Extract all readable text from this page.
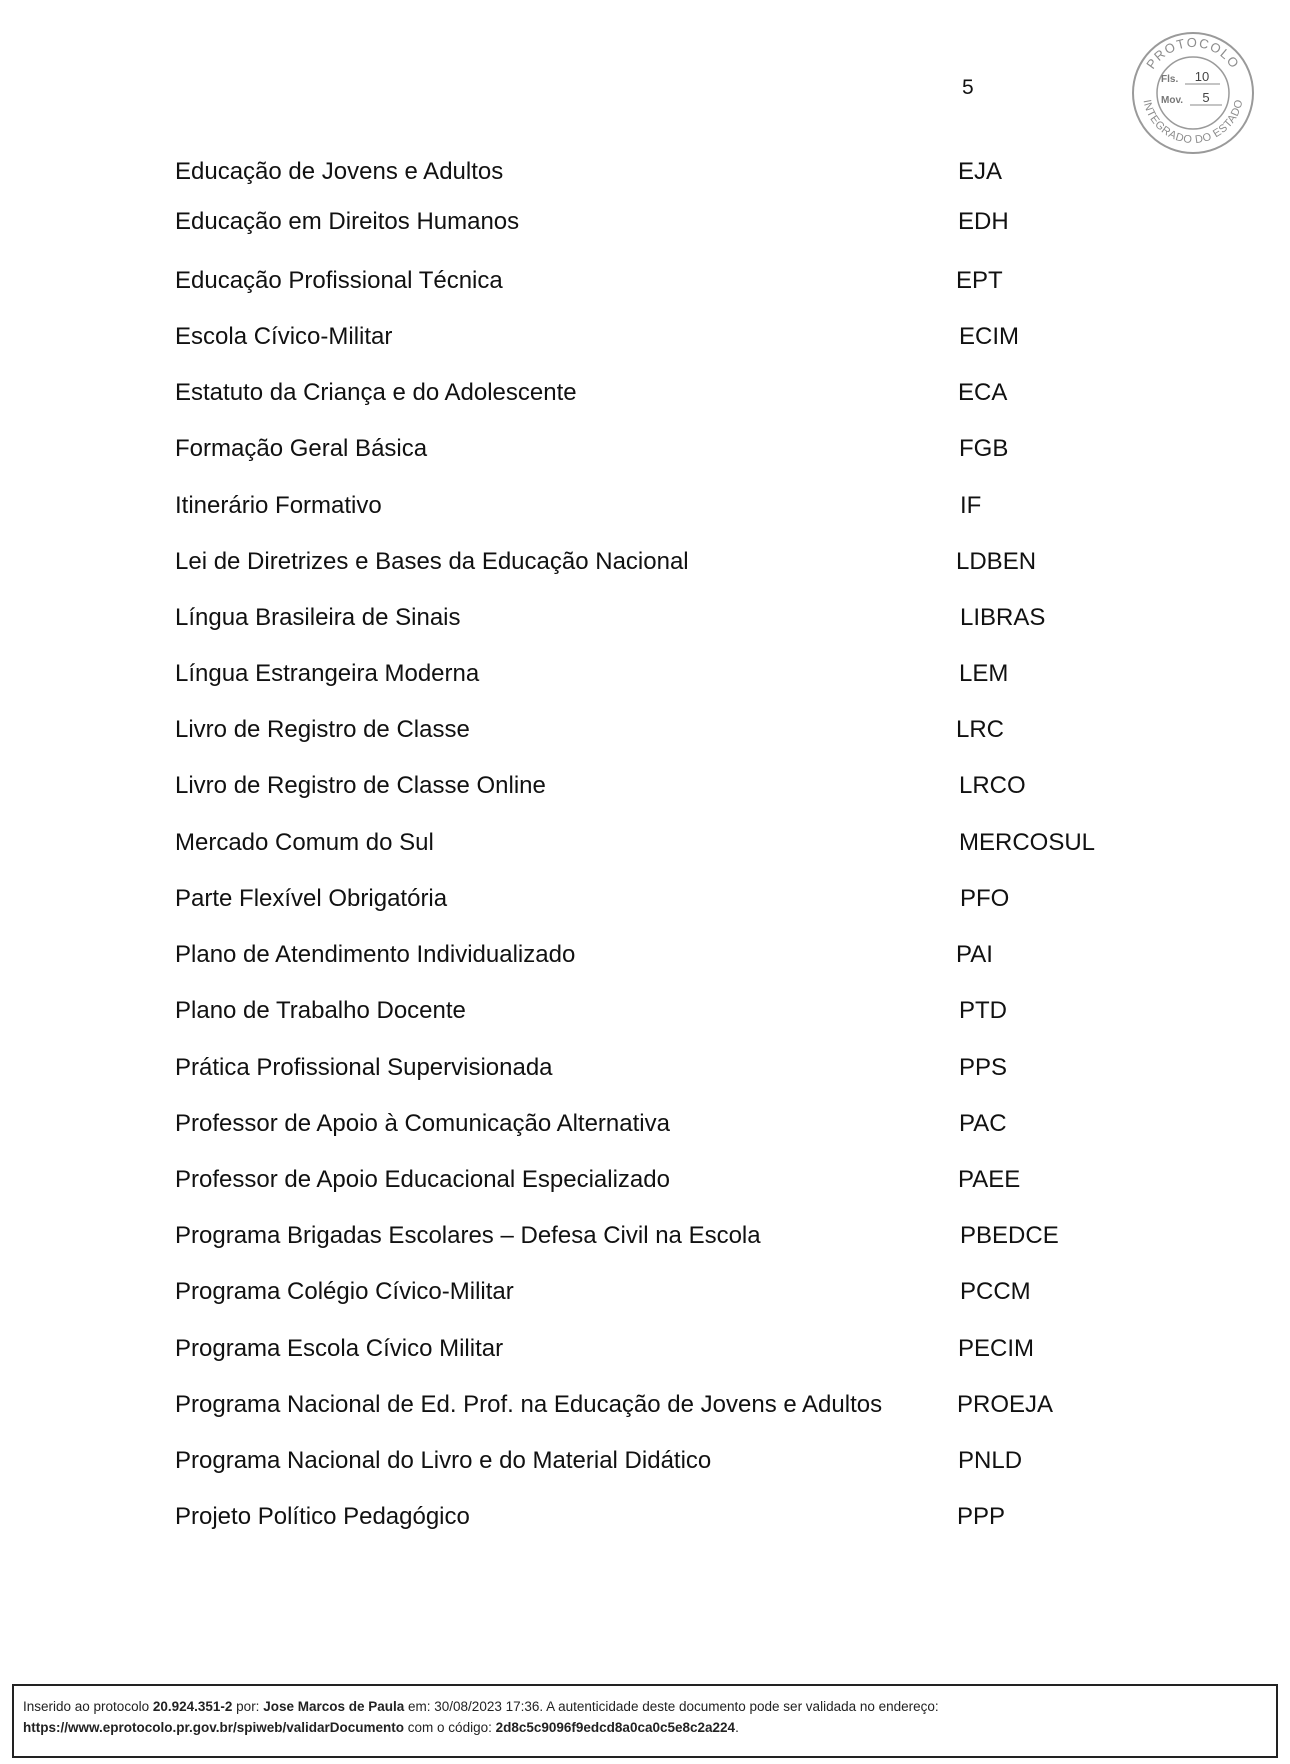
5
PROTOCOLO
INTEGRADO DO ESTADO
Fls. 10
Mov. 5
Educação de Jovens e Adultos	EJA
Educação em Direitos Humanos	EDH
Educação Profissional Técnica	EPT
Escola Cívico-Militar	ECIM
Estatuto da Criança e do Adolescente	ECA
Formação Geral Básica	FGB
Itinerário Formativo	IF
Lei de Diretrizes e Bases da Educação Nacional	LDBEN
Língua Brasileira de Sinais	LIBRAS
Língua Estrangeira Moderna	LEM
Livro de Registro de Classe	LRC
Livro de Registro de Classe Online	LRCO
Mercado Comum do Sul	MERCOSUL
Parte Flexível Obrigatória	PFO
Plano de Atendimento Individualizado	PAI
Plano de Trabalho Docente	PTD
Prática Profissional Supervisionada	PPS
Professor de Apoio à Comunicação Alternativa	PAC
Professor de Apoio Educacional Especializado	PAEE
Programa Brigadas Escolares – Defesa Civil na Escola	PBEDCE
Programa Colégio Cívico-Militar	PCCM
Programa Escola Cívico Militar	PECIM
Programa Nacional de Ed. Prof. na Educação de Jovens e Adultos	PROEJA
Programa Nacional do Livro e do Material Didático	PNLD
Projeto Político Pedagógico	PPP
Inserido ao protocolo 20.924.351-2 por: Jose Marcos de Paula em: 30/08/2023 17:36. A autenticidade deste documento pode ser validada no endereço:
https://www.eprotocolo.pr.gov.br/spiweb/validarDocumento com o código: 2d8c5c9096f9edcd8a0ca0c5e8c2a224.
